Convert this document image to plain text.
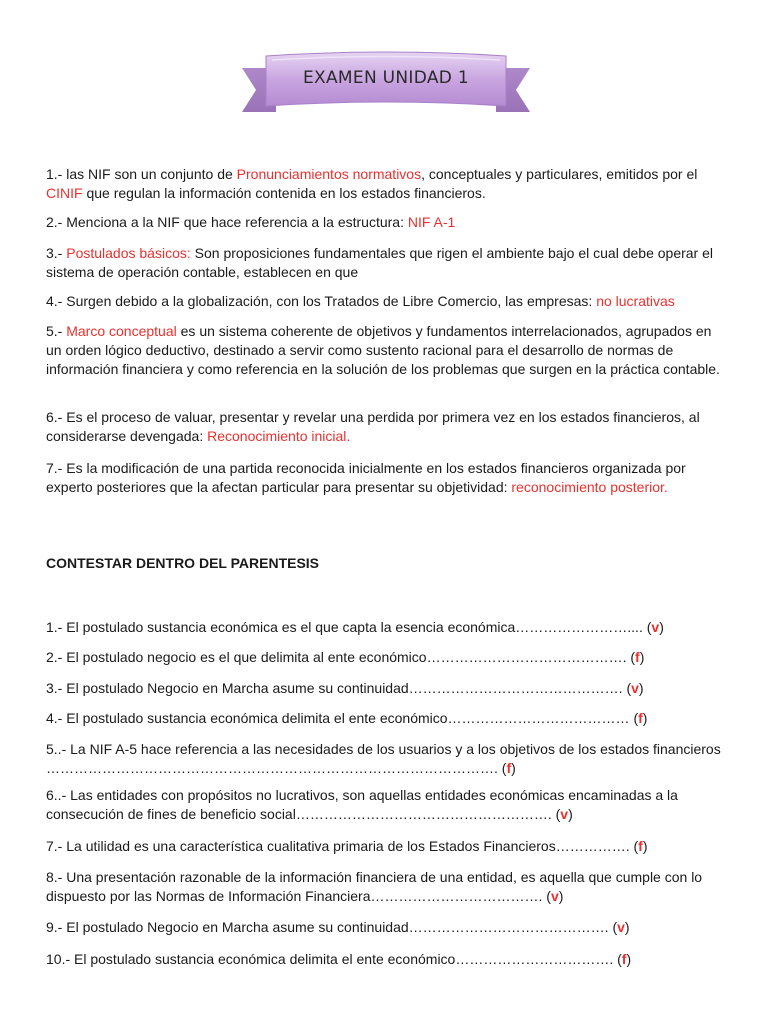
EXAMEN UNIDAD 1

1.- las NIF son un conjunto de Pronunciamientos normativos, conceptuales y particulares, emitidos por el CINIF que regulan la información contenida en los estados financieros.

2.- Menciona a la NIF que hace referencia a la estructura: NIF A-1

3.- Postulados básicos: Son proposiciones fundamentales que rigen el ambiente bajo el cual debe operar el sistema de operación contable, establecen en que

4.- Surgen debido a la globalización, con los Tratados de Libre Comercio, las empresas: no lucrativas

5.- Marco conceptual es un sistema coherente de objetivos y fundamentos interrelacionados, agrupados en un orden lógico deductivo, destinado a servir como sustento racional para el desarrollo de normas de información financiera y como referencia en la solución de los problemas que surgen en la práctica contable.

6.- Es el proceso de valuar, presentar y revelar una perdida por primera vez en los estados financieros, al considerarse devengada: Reconocimiento inicial.

7.- Es la modificación de una partida reconocida inicialmente en los estados financieros organizada por experto posteriores que la afectan particular para presentar su objetividad: reconocimiento posterior.

CONTESTAR DENTRO DEL PARENTESIS
1.- El postulado sustancia económica es el que capta la esencia económica…………………….... (v)
2.- El postulado negocio es el que delimita al ente económico……………………………………. (f)
3.- El postulado Negocio en Marcha asume su continuidad………………………………………. (v)
4.- El postulado sustancia económica delimita el ente económico………………………………… (f)
5..- La NIF A-5 hace referencia a las necesidades de los usuarios y a los objetivos de los estados financieros ……………………………………………………………………………………. (f)
6..- Las entidades con propósitos no lucrativos, son aquellas entidades económicas encaminadas a la consecución de fines de beneficio social………………………………………………. (v)
7.- La utilidad es una característica cualitativa primaria de los Estados Financieros……………. (f)
8.- Una presentación razonable de la información financiera de una entidad, es aquella que cumple con lo dispuesto por las Normas de Información Financiera………………………………. (v)
9.- El postulado Negocio en Marcha asume su continuidad……………………………………. (v)
10.- El postulado sustancia económica delimita el ente económico……………………………. (f)
